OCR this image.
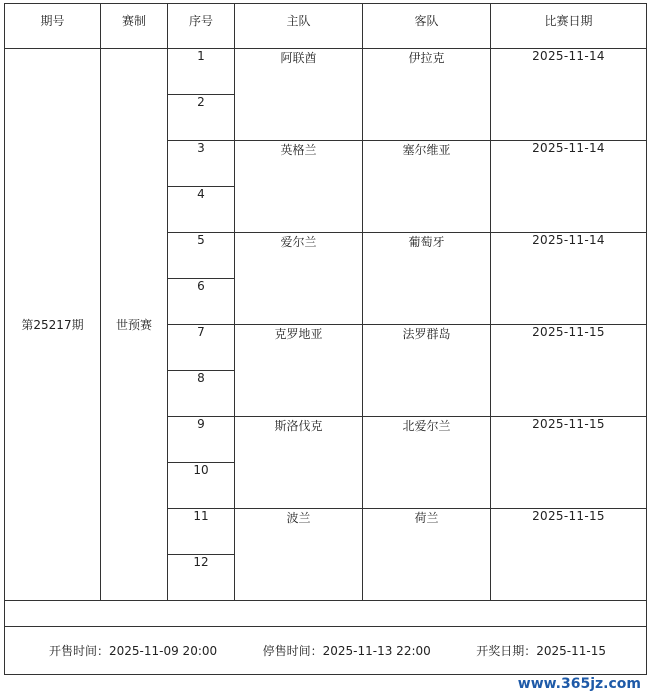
期号	赛制	序号	主队	客队	比赛日期
第25217期	世预赛	1	阿联酋	伊拉克	2025-11-14
		2			
		3	英格兰	塞尔维亚	2025-11-14
		4			
		5	爱尔兰	葡萄牙	2025-11-14
		6			
		7	克罗地亚	法罗群岛	2025-11-15
		8			
		9	斯洛伐克	北爱尔兰	2025-11-15
		10			
		11	波兰	荷兰	2025-11-15
		12			

开售时间：2025-11-09 20:00 停售时间：2025-11-13 22:00 开奖日期：2025-11-15					
www.365jz.com
